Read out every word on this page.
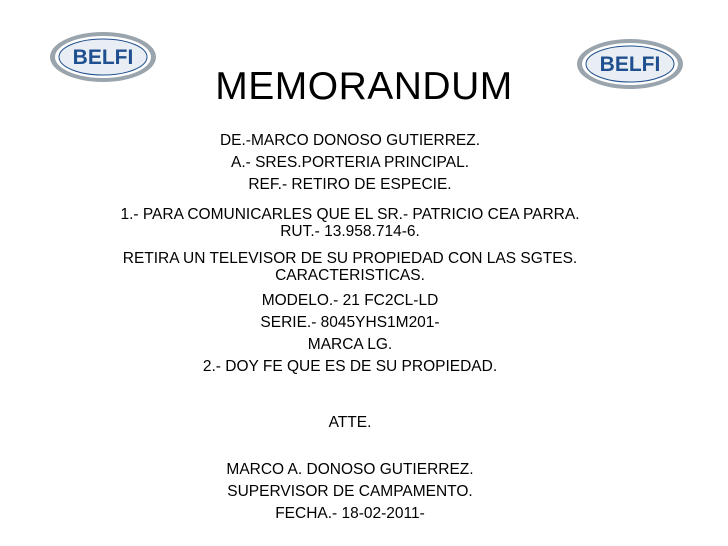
BELFI	BELFI
MEMORANDUM
DE.-MARCO DONOSO GUTIERREZ.
A.- SRES.PORTERIA PRINCIPAL.
REF.- RETIRO DE ESPECIE.
1.- PARA COMUNICARLES QUE EL SR.- PATRICIO CEA PARRA. RUT.- 13.958.714-6.
RETIRA UN TELEVISOR DE SU PROPIEDAD CON LAS SGTES. CARACTERISTICAS.
MODELO.- 21 FC2CL-LD
SERIE.- 8045YHS1M201-
MARCA LG.
2.- DOY FE QUE ES DE SU PROPIEDAD.
ATTE.
MARCO A. DONOSO GUTIERREZ.
SUPERVISOR DE CAMPAMENTO.
FECHA.- 18-02-2011-
